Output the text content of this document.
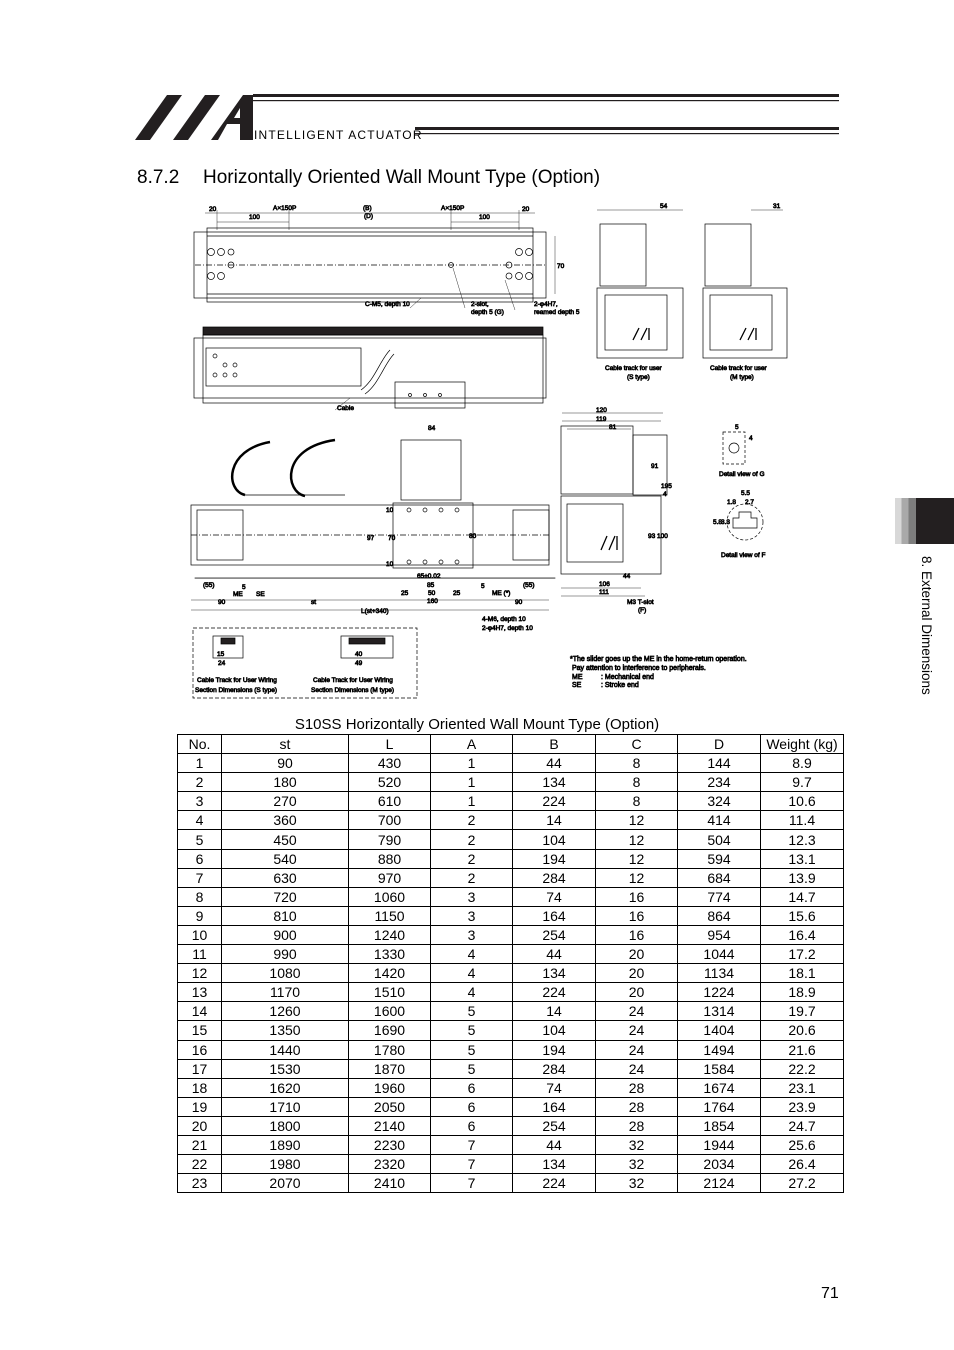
INTELLIGENT ACTUATOR
8.7.2 Horizontally Oriented Wall Mount Type (Option)
8. External Dimensions
20	A×150P	(B)
(D)
A×150P	20
100	100
70
C-M5, depth 10	2-slot,
depth 5 (G)
2-φ4H7,
reamed depth 5
Cable
54
Cable track for user
(S type)
31
Cable track for user
(M type)
(55)	5
ME SE
90	st
L(st+340)
65±0.02
85
25	50	25
160
5
ME (*)
(55)
90
84
97 70
10
10
80
4-M6, depth 10
2-φ4H7, depth 10
120
119
81
91
195
93 100
44
106
111
4
M3 T-slot
(F)
5
4
Detail view of G
5.5
2.7
1.8
5.8
3.3
Detail view of F
15
24
Cable Track for User Wiring
Section Dimensions (S type)
40
49
Cable Track for User Wiring
Section Dimensions (M type)
*The slider goes up the ME in the home-return operation.
Pay attention to interference to peripherals.
ME	: Mechanical end
SE	: Stroke end
S10SS Horizontally Oriented Wall Mount Type (Option)
No.	st	L	A	B	C	D	Weight (kg)
1	90	430	1	44	8	144	8.9
2	180	520	1	134	8	234	9.7
3	270	610	1	224	8	324	10.6
4	360	700	2	14	12	414	11.4
5	450	790	2	104	12	504	12.3
6	540	880	2	194	12	594	13.1
7	630	970	2	284	12	684	13.9
8	720	1060	3	74	16	774	14.7
9	810	1150	3	164	16	864	15.6
10	900	1240	3	254	16	954	16.4
11	990	1330	4	44	20	1044	17.2
12	1080	1420	4	134	20	1134	18.1
13	1170	1510	4	224	20	1224	18.9
14	1260	1600	5	14	24	1314	19.7
15	1350	1690	5	104	24	1404	20.6
16	1440	1780	5	194	24	1494	21.6
17	1530	1870	5	284	24	1584	22.2
18	1620	1960	6	74	28	1674	23.1
19	1710	2050	6	164	28	1764	23.9
20	1800	2140	6	254	28	1854	24.7
21	1890	2230	7	44	32	1944	25.6
22	1980	2320	7	134	32	2034	26.4
23	2070	2410	7	224	32	2124	27.2
71
